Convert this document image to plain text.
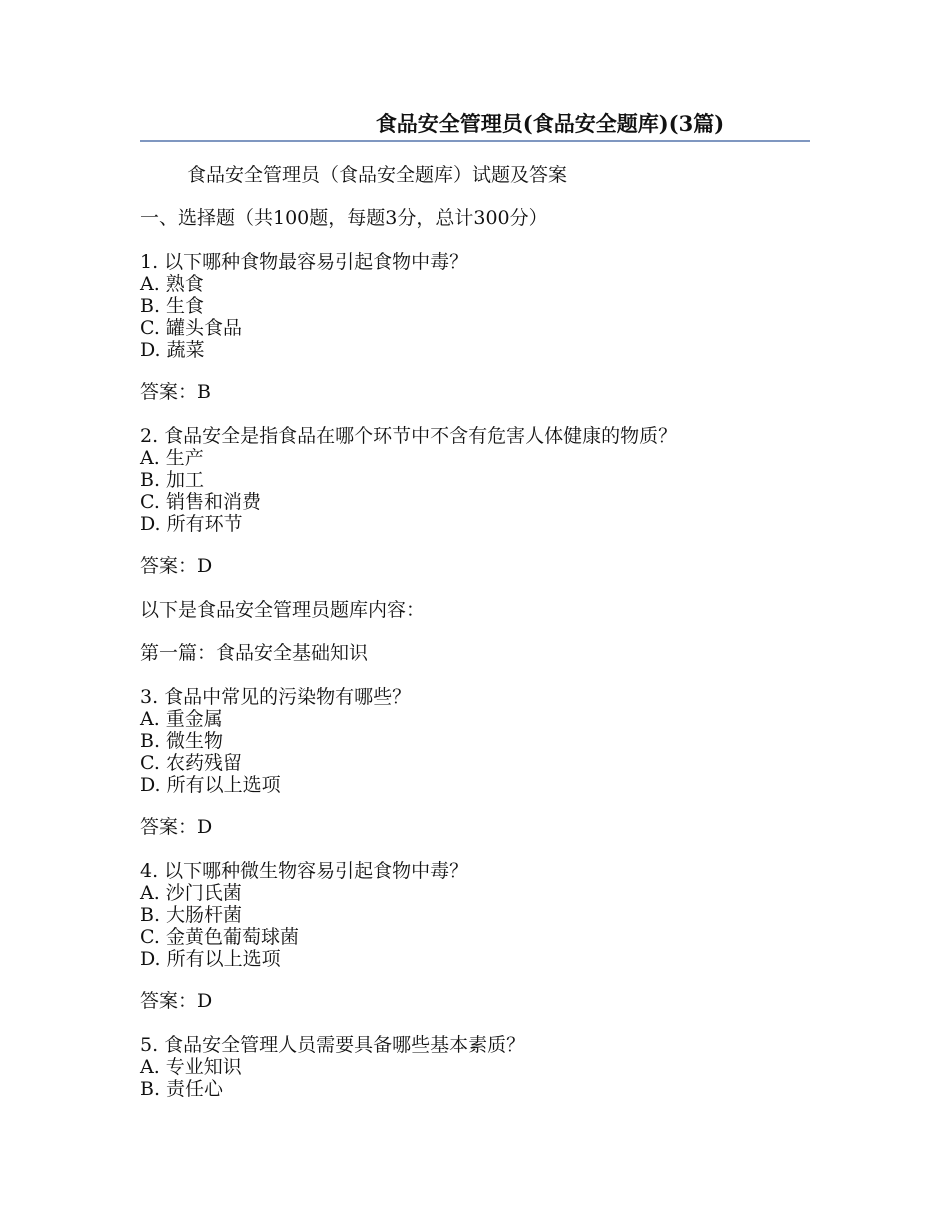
食品安全管理员(食品安全题库)(3篇)
食品安全管理员（食品安全题库）试题及答案
一、选择题（共100题，每题3分，总计300分）
1. 以下哪种食物最容易引起食物中毒？
A. 熟食
B. 生食
C. 罐头食品
D. 蔬菜
答案：B
2. 食品安全是指食品在哪个环节中不含有危害人体健康的物质？
A. 生产
B. 加工
C. 销售和消费
D. 所有环节
答案：D
以下是食品安全管理员题库内容：
第一篇：食品安全基础知识
3. 食品中常见的污染物有哪些？
A. 重金属
B. 微生物
C. 农药残留
D. 所有以上选项
答案：D
4. 以下哪种微生物容易引起食物中毒？
A. 沙门氏菌
B. 大肠杆菌
C. 金黄色葡萄球菌
D. 所有以上选项
答案：D
5. 食品安全管理人员需要具备哪些基本素质？
A. 专业知识
B. 责任心
